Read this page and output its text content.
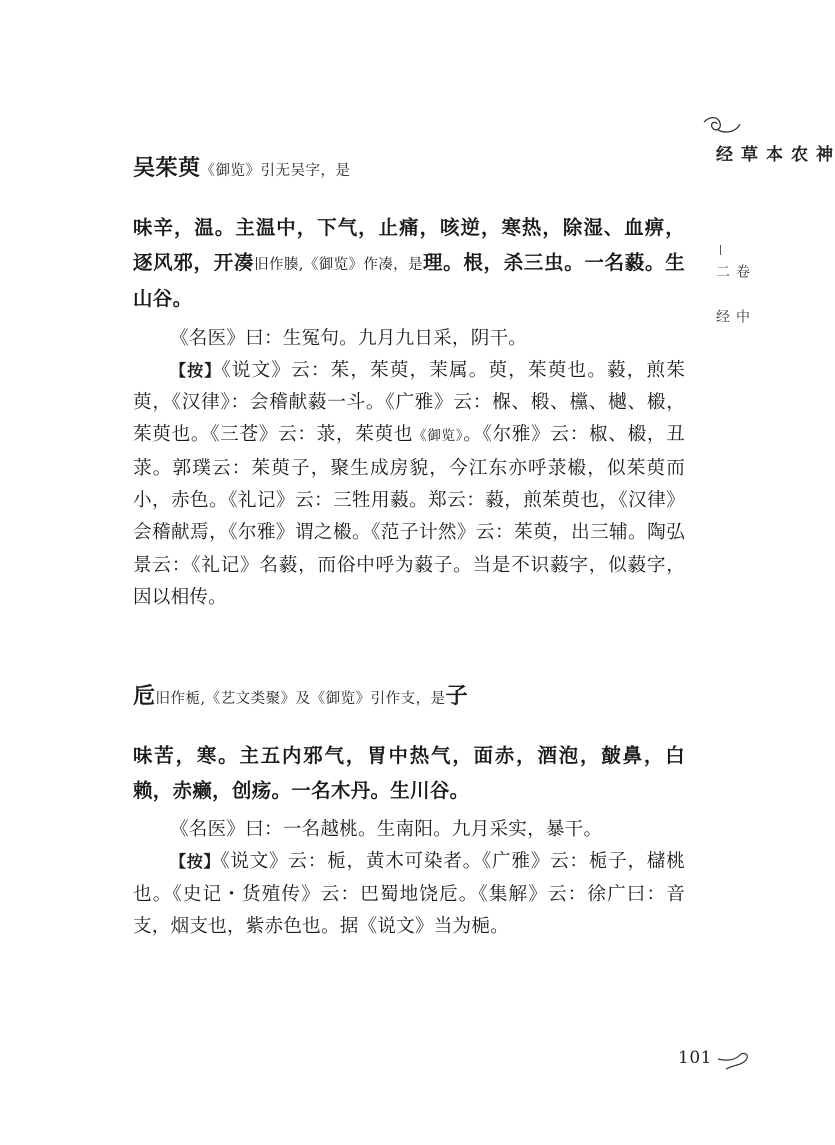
吴茱萸《御览》引无吴字，是

味辛，温。主温中，下气，止痛，咳逆，寒热，除湿、血痹，逐风邪，开凑旧作腠,《御览》作凑，是理。根，杀三虫。一名藙。生山谷。

《名医》曰：生冤句。九月九日采，阴干。

【按】《说文》云：茱，茱萸，茉属。萸，茱萸也。藙，煎茱萸，《汉律》：会稽献藙一斗。《广雅》云：椺、椴、欓、樾、榝，茱萸也。《三苍》云：莍，茱萸也《御览》。《尔雅》云：椒、榝，丑莍。郭璞云：茱萸子，聚生成房貌，今江东亦呼莍榝，似茱萸而小，赤色。《礼记》云：三牲用藙。郑云：藙，煎茱萸也，《汉律》会稽献焉，《尔雅》谓之榝。《范子计然》云：茱萸，出三辅。陶弘景云：《礼记》名藙，而俗中呼为藙子。当是不识藙字，似藙字，因以相传。

卮旧作栀,《艺文类聚》及《御览》引作支，是子

味苦，寒。主五内邪气，胃中热气，面赤，酒泡，皶鼻，白赖，赤癞，创疡。一名木丹。生川谷。

《名医》曰：一名越桃。生南阳。九月采实，暴干。

【按】《说文》云：栀，黄木可染者。《广雅》云：栀子，櫧桃也。《史记・货殖传》云：巴蜀地饶卮。《集解》云：徐广曰：音支，烟支也，紫赤色也。据《说文》当为梔。

神农本草经
卷二
中经
101
